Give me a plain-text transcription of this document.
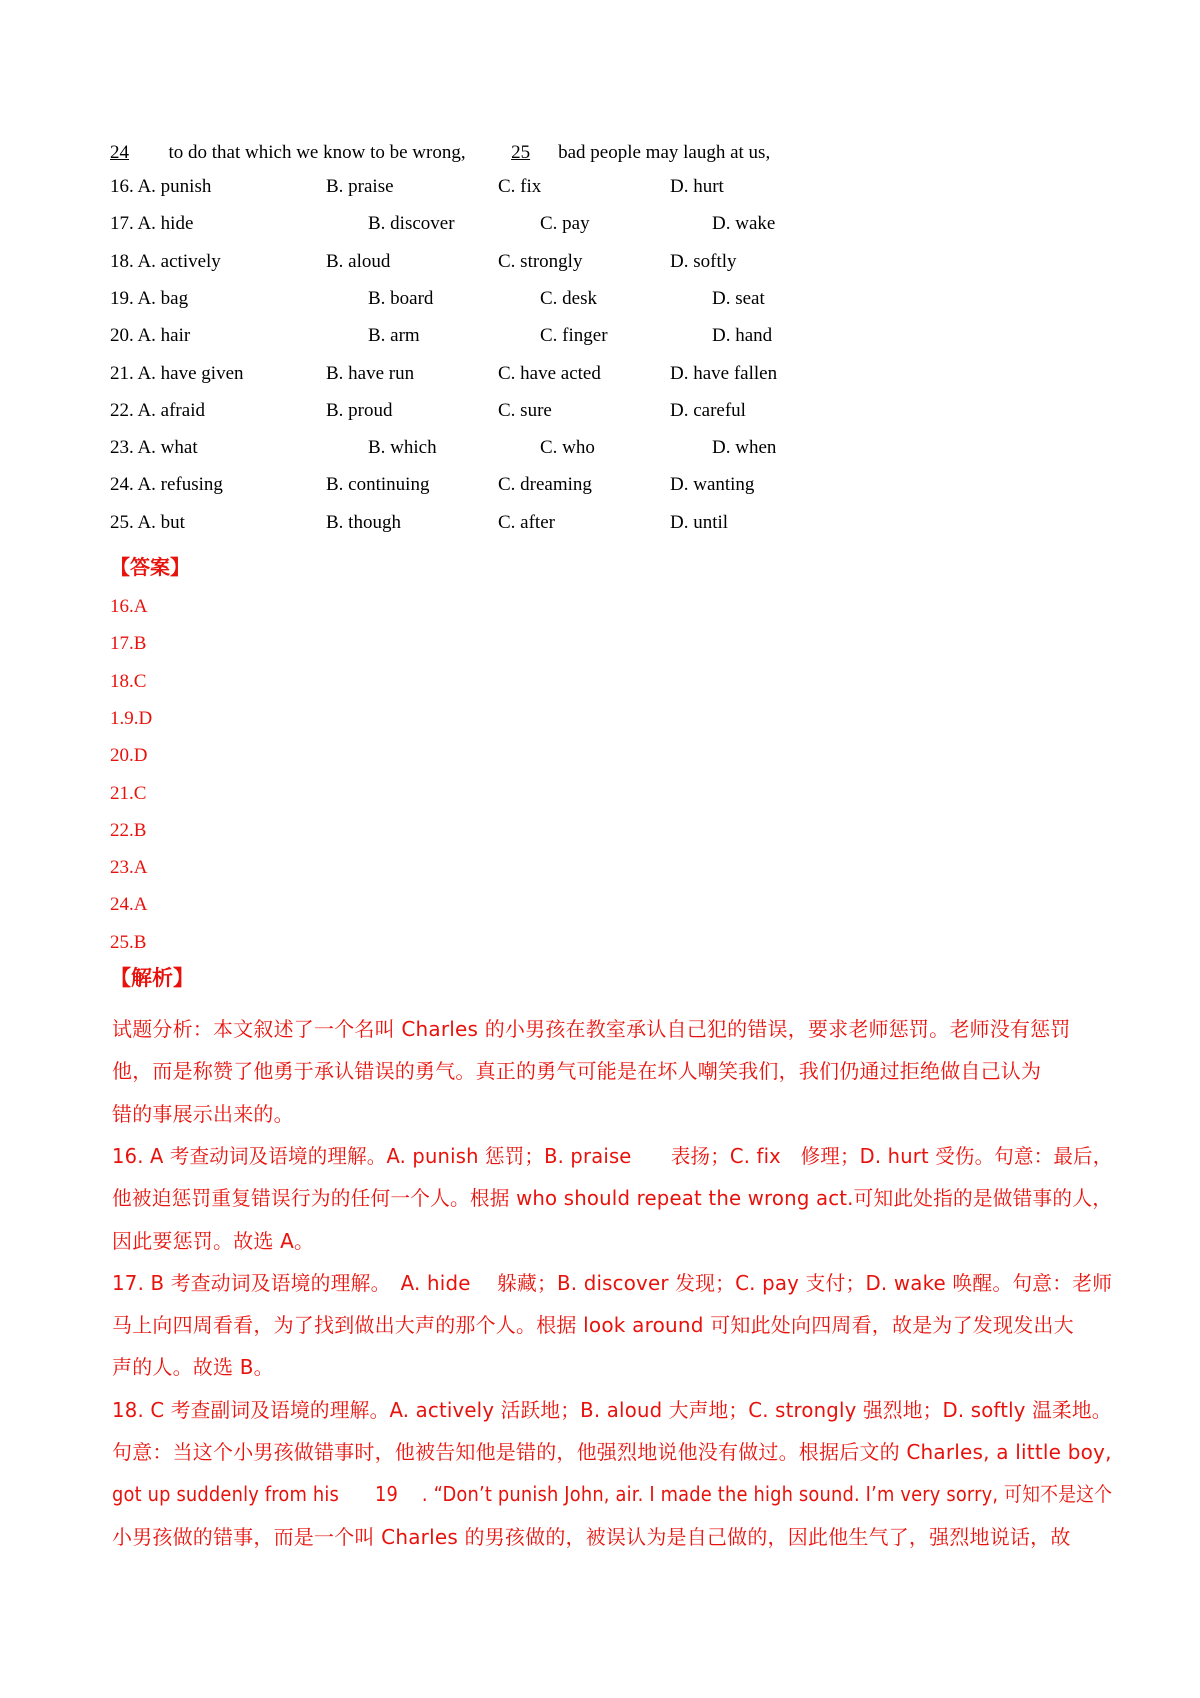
24 to do that which we know to be wrong, 25 bad people may laugh at us,
16. A. punish	B. praise	C. fix	D. hurt
17. A. hide	B. discover	C. pay	D. wake
18. A. actively	B. aloud	C. strongly	D. softly
19. A. bag	B. board	C. desk	D. seat
20. A. hair	B. arm	C. finger	D. hand
21. A. have given	B. have run	C. have acted	D. have fallen
22. A. afraid	B. proud	C. sure	D. careful
23. A. what	B. which	C. who	D. when
24. A. refusing	B. continuing	C. dreaming	D. wanting
25. A. but	B. though	C. after	D. until
【答案】
16.A
17.B
18.C
1.9.D
20.D
21.C
22.B
23.A
24.A
25.B
【解析】
试题分析：本文叙述了一个名叫 Charles 的小男孩在教室承认自己犯的错误，要求老师惩罚。老师没有惩罚
他，而是称赞了他勇于承认错误的勇气。真正的勇气可能是在坏人嘲笑我们，我们仍通过拒绝做自己认为
错的事展示出来的。
16. A 考查动词及语境的理解。A. punish 惩罚；B. praise　　表扬；C. fix　修理；D. hurt 受伤。句意：最后，
他被迫惩罚重复错误行为的任何一个人。根据 who should repeat the wrong act.可知此处指的是做错事的人，
因此要惩罚。故选 A。
17. B 考查动词及语境的理解。　A. hide　 躲藏；B. discover 发现；C. pay 支付；D. wake 唤醒。句意：老师
马上向四周看看，为了找到做出大声的那个人。根据 look around 可知此处向四周看，故是为了发现发出大
声的人。故选 B。
18. C 考查副词及语境的理解。A. actively 活跃地；B. aloud 大声地；C. strongly 强烈地；D. softly 温柔地。
句意：当这个小男孩做错事时，他被告知他是错的，他强烈地说他没有做过。根据后文的 Charles, a little boy,
got up suddenly from his　　19　 . “Don’t punish John, air. I made the high sound. I’m very sorry, 可知不是这个
小男孩做的错事，而是一个叫 Charles 的男孩做的，被误认为是自己做的，因此他生气了，强烈地说话，故
